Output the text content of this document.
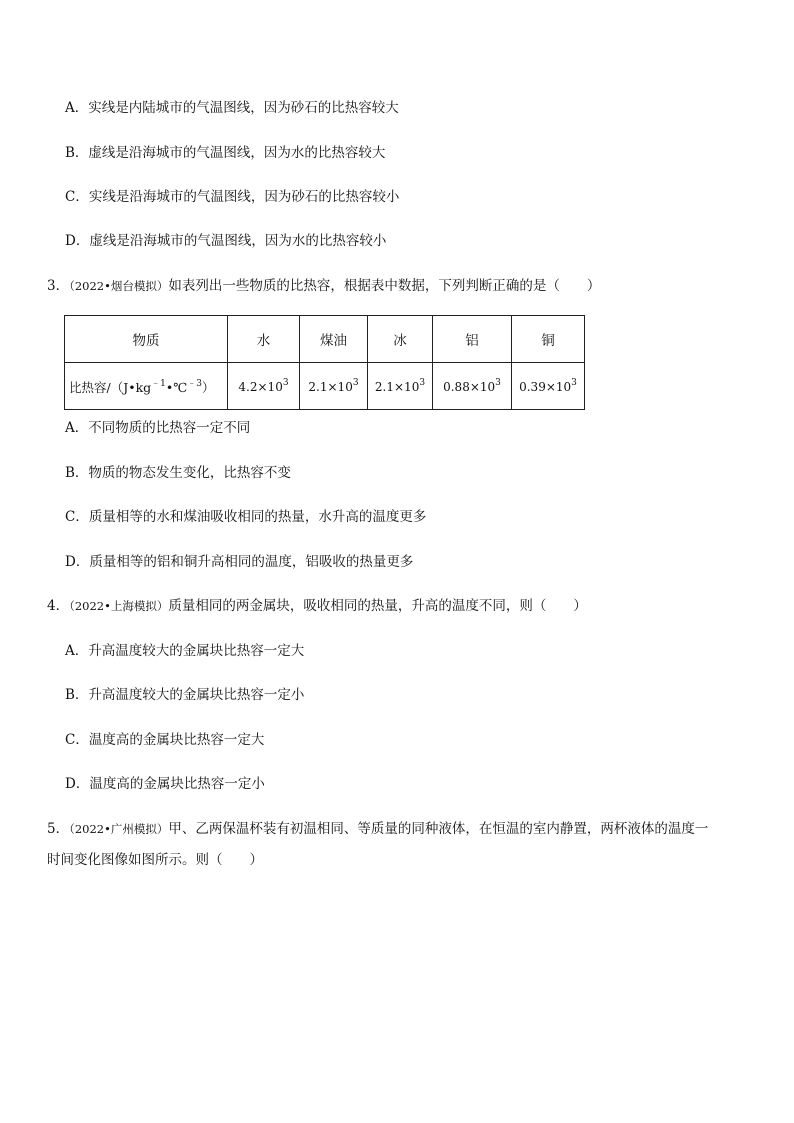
A．实线是内陆城市的气温图线，因为砂石的比热容较大
B．虚线是沿海城市的气温图线，因为水的比热容较大
C．实线是沿海城市的气温图线，因为砂石的比热容较小
D．虚线是沿海城市的气温图线，因为水的比热容较小
3．（2022•烟台模拟）如表列出一些物质的比热容，根据表中数据，下列判断正确的是（　　）
物质	水	煤油	冰	铝	铜
比热容$/(J•kg^{﹣1}•℃^{﹣3})$	$4.2\times 10^3$	$2.1\times 10^3$	$2.1\times 10^3$	$0.88\times 10^3$	$0.39\times 10^3$
A．不同物质的比热容一定不同
B．物质的物态发生变化，比热容不变
C．质量相等的水和煤油吸收相同的热量，水升高的温度更多
D．质量相等的铝和铜升高相同的温度，铝吸收的热量更多
4．（2022•上海模拟）质量相同的两金属块，吸收相同的热量，升高的温度不同，则（　　）
A．升高温度较大的金属块比热容一定大
B．升高温度较大的金属块比热容一定小
C．温度高的金属块比热容一定大
D．温度高的金属块比热容一定小
5．（2022•广州模拟）甲、乙两保温杯装有初温相同、等质量的同种液体，在恒温的室内静置，两杯液体的温度一
时间变化图像如图所示。则（　　）
